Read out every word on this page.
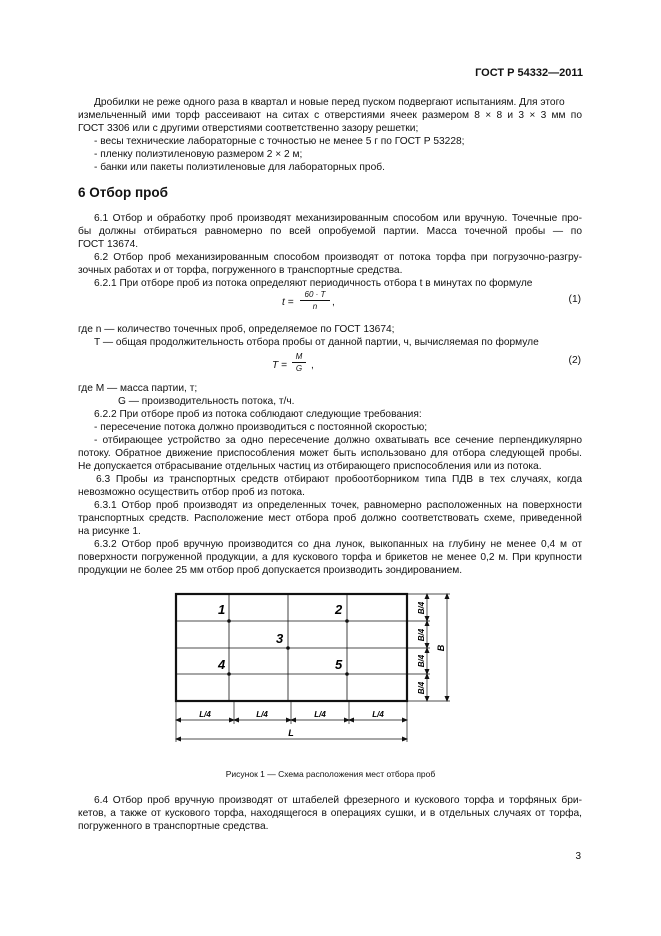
ГОСТ Р 54332—2011
Дробилки не реже одного раза в квартал и новые перед пуском подвергают испытаниям. Для этого
измельченный ими торф рассеивают на ситах с отверстиями ячеек размером 8 × 8 и 3 × 3 мм по
ГОСТ 3306 или с другими отверстиями соответственно зазору решетки;
- весы технические лабораторные с точностью не менее 5 г по ГОСТ Р 53228;
- пленку полиэтиленовую размером 2 × 2 м;
- банки или пакеты полиэтиленовые для лабораторных проб.
6 Отбор проб
6.1 Отбор и обработку проб производят механизированным способом или вручную. Точечные про-
бы должны отбираться равномерно по всей опробуемой партии. Масса точечной пробы — по
ГОСТ 13674.
6.2 Отбор проб механизированным способом производят от потока торфа при погрузочно-разгру-
зочных работах и от торфа, погруженного в транспортные средства.
6.2.1 При отборе проб из потока определяют периодичность отбора t в минутах по формуле
t =
60 · T
n	,	(1)
где n — количество точечных проб, определяемое по ГОСТ 13674;
T — общая продолжительность отбора пробы от данной партии, ч, вычисляемая по формуле
T =
M
G ,	(2)
где M — масса партии, т;
G — производительность потока, т/ч.
6.2.2 При отборе проб из потока соблюдают следующие требования:
- пересечение потока должно производиться с постоянной скоростью;
- отбирающее устройство за одно пересечение должно охватывать все сечение перпендикулярно
потоку. Обратное движение приспособления может быть использовано для отбора следующей пробы.
Не допускается отбрасывание отдельных частиц из отбирающего приспособления или из потока.
6.3 Пробы из транспортных средств отбирают пробоотборником типа ПДВ в тех случаях, когда
невозможно осуществить отбор проб из потока.
6.3.1 Отбор проб производят из определенных точек, равномерно расположенных на поверхности
транспортных средств. Расположение мест отбора проб должно соответствовать схеме, приведенной
на рисунке 1.
6.3.2 Отбор проб вручную производится со дна лунок, выкопанных на глубину не менее 0,4 м от
поверхности погруженной продукции, а для кускового торфа и брикетов не менее 0,2 м. При крупности
продукции не более 25 мм отбор проб допускается производить зондированием.
1	2
3
4	5
B/4
B/4
B/4
B/4
B
L/4	L/4	L/4	L/4
L
Рисунок 1 — Схема расположения мест отбора проб
6.4 Отбор проб вручную производят от штабелей фрезерного и кускового торфа и торфяных бри-
кетов, а также от кускового торфа, находящегося в операциях сушки, и в отдельных случаях от торфа,
погруженного в транспортные средства.
3
